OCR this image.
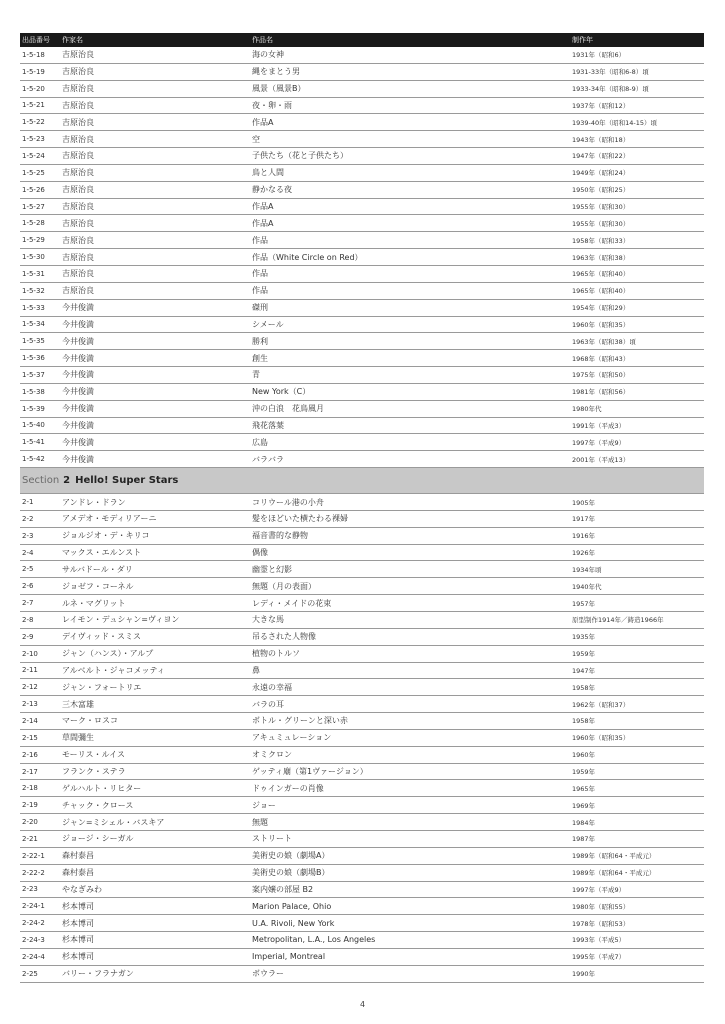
出品番号	作家名	作品名	制作年
1-5-18	吉原治良	海の女神	1931年（昭和6）
1-5-19	吉原治良	縄をまとう男	1931-33年（昭和6-8）頃
1-5-20	吉原治良	風景（風景B）	1933-34年（昭和8-9）頃
1-5-21	吉原治良	夜・卵・雨	1937年（昭和12）
1-5-22	吉原治良	作品A	1939-40年（昭和14-15）頃
1-5-23	吉原治良	空	1943年（昭和18）
1-5-24	吉原治良	子供たち（花と子供たち）	1947年（昭和22）
1-5-25	吉原治良	鳥と人間	1949年（昭和24）
1-5-26	吉原治良	静かなる夜	1950年（昭和25）
1-5-27	吉原治良	作品A	1955年（昭和30）
1-5-28	吉原治良	作品A	1955年（昭和30）
1-5-29	吉原治良	作品	1958年（昭和33）
1-5-30	吉原治良	作品（White Circle on Red）	1963年（昭和38）
1-5-31	吉原治良	作品	1965年（昭和40）
1-5-32	吉原治良	作品	1965年（昭和40）
1-5-33	今井俊満	磔刑	1954年（昭和29）
1-5-34	今井俊満	シメール	1960年（昭和35）
1-5-35	今井俊満	勝利	1963年（昭和38）頃
1-5-36	今井俊満	創生	1968年（昭和43）
1-5-37	今井俊満	青	1975年（昭和50）
1-5-38	今井俊満	New York（C）	1981年（昭和56）
1-5-39	今井俊満	沖の白浪　花鳥風月	1980年代
1-5-40	今井俊満	飛花落葉	1991年（平成3）
1-5-41	今井俊満	広島	1997年（平成9）
1-5-42	今井俊満	バラバラ	2001年（平成13）
Section 2 Hello! Super Stars
2-1	アンドレ・ドラン	コリウール港の小舟	1905年
2-2	アメデオ・モディリアーニ	髪をほどいた横たわる裸婦	1917年
2-3	ジョルジオ・デ・キリコ	福音書的な静物	1916年
2-4	マックス・エルンスト	偶像	1926年
2-5	サルバドール・ダリ	幽霊と幻影	1934年頃
2-6	ジョゼフ・コーネル	無題（月の表面）	1940年代
2-7	ルネ・マグリット	レディ・メイドの花束	1957年
2-8	レイモン・デュシャン=ヴィヨン	大きな馬	原型制作1914年／鋳造1966年
2-9	デイヴィッド・スミス	吊るされた人物像	1935年
2-10	ジャン（ハンス）・アルプ	植物のトルソ	1959年
2-11	アルベルト・ジャコメッティ	鼻	1947年
2-12	ジャン・フォートリエ	永遠の幸福	1958年
2-13	三木富雄	バラの耳	1962年（昭和37）
2-14	マーク・ロスコ	ボトル・グリーンと深い赤	1958年
2-15	草間彌生	アキュミュレーション	1960年（昭和35）
2-16	モーリス・ルイス	オミクロン	1960年
2-17	フランク・ステラ	ゲッティ廟（第1ヴァージョン）	1959年
2-18	ゲルハルト・リヒター	ドゥインガーの肖像	1965年
2-19	チャック・クロース	ジョー	1969年
2-20	ジャン=ミシェル・バスキア	無題	1984年
2-21	ジョージ・シーガル	ストリート	1987年
2-22-1	森村泰昌	美術史の娘（劇場A）	1989年（昭和64・平成元）
2-22-2	森村泰昌	美術史の娘（劇場B）	1989年（昭和64・平成元）
2-23	やなぎみわ	案内嬢の部屋 B2	1997年（平成9）
2-24-1	杉本博司	Marion Palace, Ohio	1980年（昭和55）
2-24-2	杉本博司	U.A. Rivoli, New York	1978年（昭和53）
2-24-3	杉本博司	Metropolitan, L.A., Los Angeles	1993年（平成5）
2-24-4	杉本博司	Imperial, Montreal	1995年（平成7）
2-25	バリー・フラナガン	ボウラー	1990年
4
